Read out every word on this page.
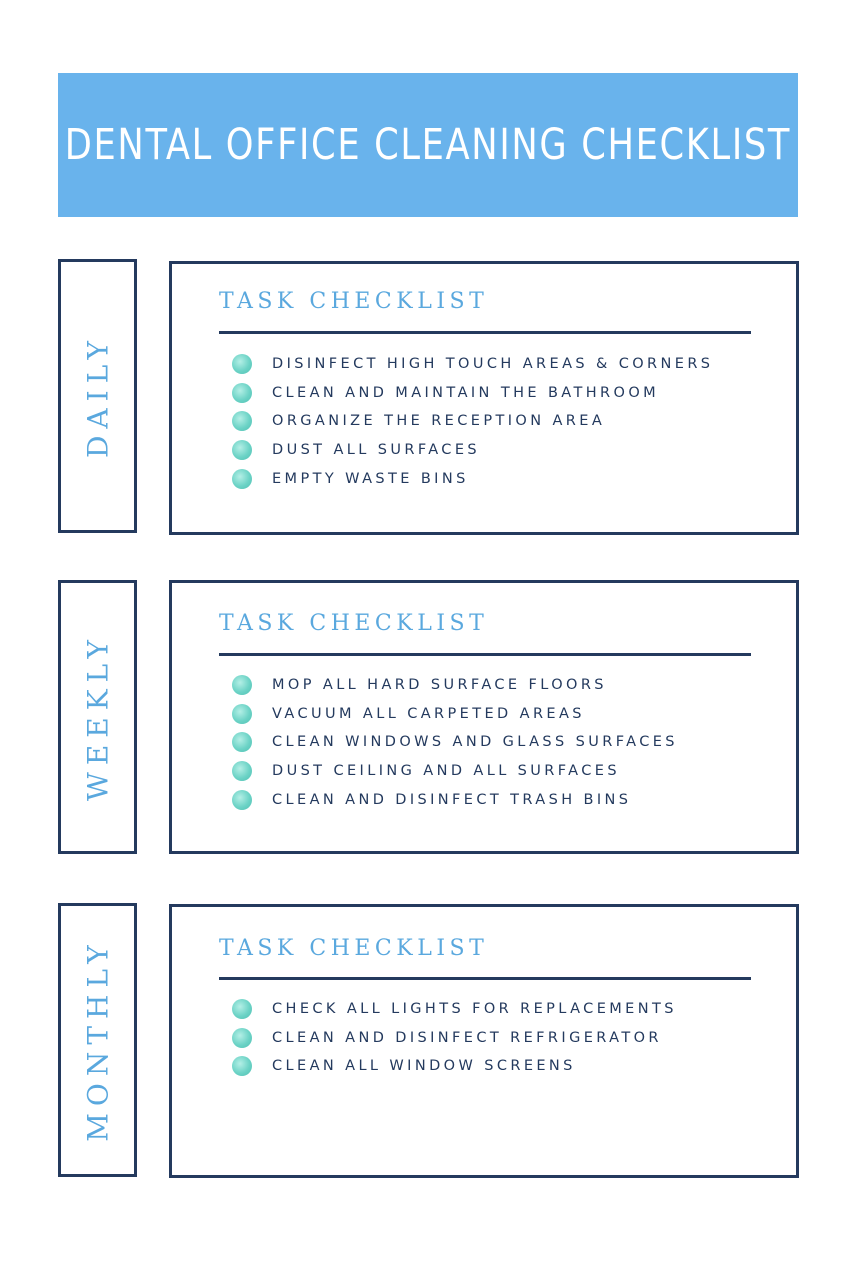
DENTAL OFFICE CLEANING CHECKLIST
DAILY
TASK CHECKLIST
DISINFECT HIGH TOUCH AREAS & CORNERS
CLEAN AND MAINTAIN THE BATHROOM
ORGANIZE THE RECEPTION AREA
DUST ALL SURFACES
EMPTY WASTE BINS
WEEKLY
TASK CHECKLIST
MOP ALL HARD SURFACE FLOORS
VACUUM ALL CARPETED AREAS
CLEAN WINDOWS AND GLASS SURFACES
DUST CEILING AND ALL SURFACES
CLEAN AND DISINFECT TRASH BINS
MONTHLY	TASK CHECKLIST
CHECK ALL LIGHTS FOR REPLACEMENTS
CLEAN AND DISINFECT REFRIGERATOR
CLEAN ALL WINDOW SCREENS
